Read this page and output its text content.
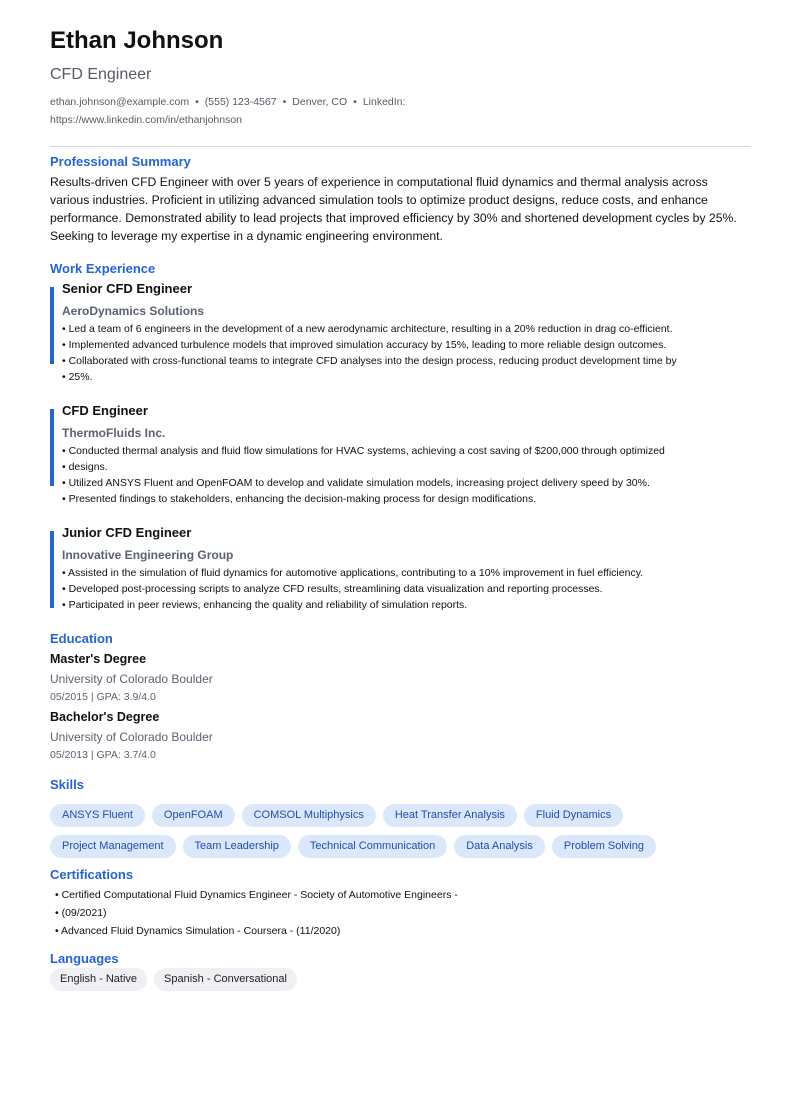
Ethan Johnson
CFD Engineer
ethan.johnson@example.com • (555) 123-4567 • Denver, CO • LinkedIn:
https://www.linkedin.com/in/ethanjohnson
Professional Summary
Results-driven CFD Engineer with over 5 years of experience in computational fluid dynamics and thermal analysis across various industries. Proficient in utilizing advanced simulation tools to optimize product designs, reduce costs, and enhance performance. Demonstrated ability to lead projects that improved efficiency by 30% and shortened development cycles by 25%. Seeking to leverage my expertise in a dynamic engineering environment.
Work Experience
Senior CFD Engineer
AeroDynamics Solutions
• Led a team of 6 engineers in the development of a new aerodynamic architecture, resulting in a 20% reduction in drag co-efficient.
• Implemented advanced turbulence models that improved simulation accuracy by 15%, leading to more reliable design outcomes.
• Collaborated with cross-functional teams to integrate CFD analyses into the design process, reducing product development time by
• 25%.
CFD Engineer
ThermoFluids Inc.
• Conducted thermal analysis and fluid flow simulations for HVAC systems, achieving a cost saving of $200,000 through optimized
• designs.
• Utilized ANSYS Fluent and OpenFOAM to develop and validate simulation models, increasing project delivery speed by 30%.
• Presented findings to stakeholders, enhancing the decision-making process for design modifications.
Junior CFD Engineer
Innovative Engineering Group
• Assisted in the simulation of fluid dynamics for automotive applications, contributing to a 10% improvement in fuel efficiency.
• Developed post-processing scripts to analyze CFD results, streamlining data visualization and reporting processes.
• Participated in peer reviews, enhancing the quality and reliability of simulation reports.
Education
Master's Degree
University of Colorado Boulder
05/2015 | GPA: 3.9/4.0
Bachelor's Degree
University of Colorado Boulder
05/2013 | GPA: 3.7/4.0
Skills
ANSYS Fluent	OpenFOAM	COMSOL Multiphysics	Heat Transfer Analysis	Fluid Dynamics
Project Management	Team Leadership	Technical Communication	Data Analysis	Problem Solving
Certifications
• Certified Computational Fluid Dynamics Engineer - Society of Automotive Engineers -
• (09/2021)
• Advanced Fluid Dynamics Simulation - Coursera - (11/2020)
Languages
English - Native	Spanish - Conversational
